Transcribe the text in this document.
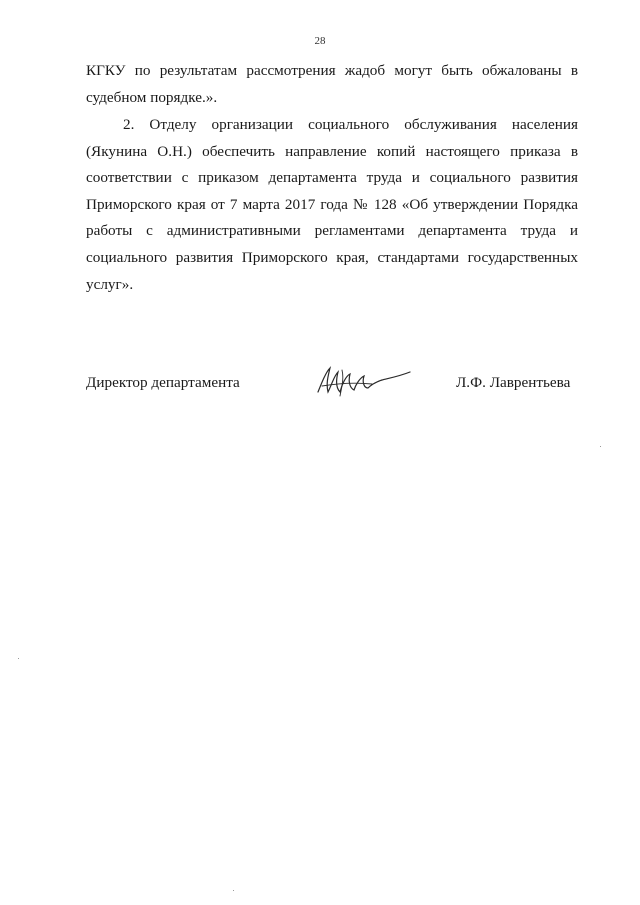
28

КГКУ по результатам рассмотрения жадоб могут быть обжалованы в судебном порядке.».

2. Отделу организации социального обслуживания населения (Якунина О.Н.) обеспечить направление копий настоящего приказа в соответствии с приказом департамента труда и социального развития Приморского края от 7 марта 2017 года № 128 «Об утверждении Порядка работы с административными регламентами департамента труда и социального развития Приморского края, стандартами государственных услуг».

Директор департамента	Л.Ф. Лаврентьева
